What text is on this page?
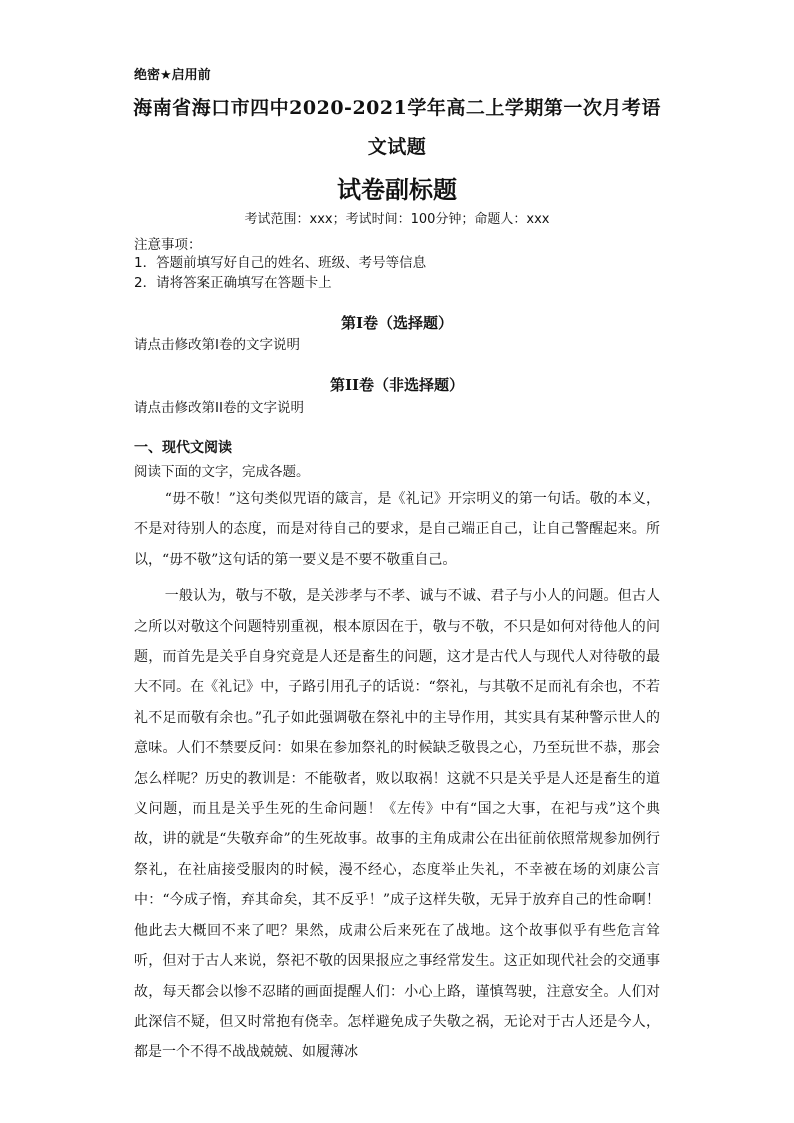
绝密★启用前
海南省海口市四中2020-2021学年高二上学期第一次月考语
文试题
试卷副标题
考试范围：xxx；考试时间：100分钟；命题人：xxx
注意事项：
1．答题前填写好自己的姓名、班级、考号等信息
2．请将答案正确填写在答题卡上
第I卷（选择题）
请点击修改第I卷的文字说明
第II卷（非选择题）
请点击修改第II卷的文字说明
一、现代文阅读
阅读下面的文字，完成各题。

“毋不敬！”这句类似咒语的箴言，是《礼记》开宗明义的第一句话。敬的本义，不是对待别人的态度，而是对待自己的要求，是自己端正自己，让自己警醒起来。所以，“毋不敬”这句话的第一要义是不要不敬重自己。

一般认为，敬与不敬，是关涉孝与不孝、诚与不诚、君子与小人的问题。但古人之所以对敬这个问题特别重视，根本原因在于，敬与不敬，不只是如何对待他人的问题，而首先是关乎自身究竟是人还是畜生的问题，这才是古代人与现代人对待敬的最大不同。在《礼记》中，子路引用孔子的话说：“祭礼，与其敬不足而礼有余也，不若礼不足而敬有余也。”孔子如此强调敬在祭礼中的主导作用，其实具有某种警示世人的意味。人们不禁要反问：如果在参加祭礼的时候缺乏敬畏之心，乃至玩世不恭，那会怎么样呢？历史的教训是：不能敬者，败以取祸！这就不只是关乎是人还是畜生的道义问题，而且是关乎生死的生命问题！《左传》中有“国之大事，在祀与戎”这个典故，讲的就是“失敬弃命”的生死故事。故事的主角成肃公在出征前依照常规参加例行祭礼，在社庙接受服肉的时候，漫不经心，态度举止失礼，不幸被在场的刘康公言中：“今成子惰，弃其命矣，其不反乎！”成子这样失敬，无异于放弃自己的性命啊！他此去大概回不来了吧？果然，成肃公后来死在了战地。这个故事似乎有些危言耸听，但对于古人来说，祭祀不敬的因果报应之事经常发生。这正如现代社会的交通事故，每天都会以惨不忍睹的画面提醒人们：小心上路，谨慎驾驶，注意安全。人们对此深信不疑，但又时常抱有侥幸。怎样避免成子失敬之祸，无论对于古人还是今人，都是一个不得不战战兢兢、如履薄冰
